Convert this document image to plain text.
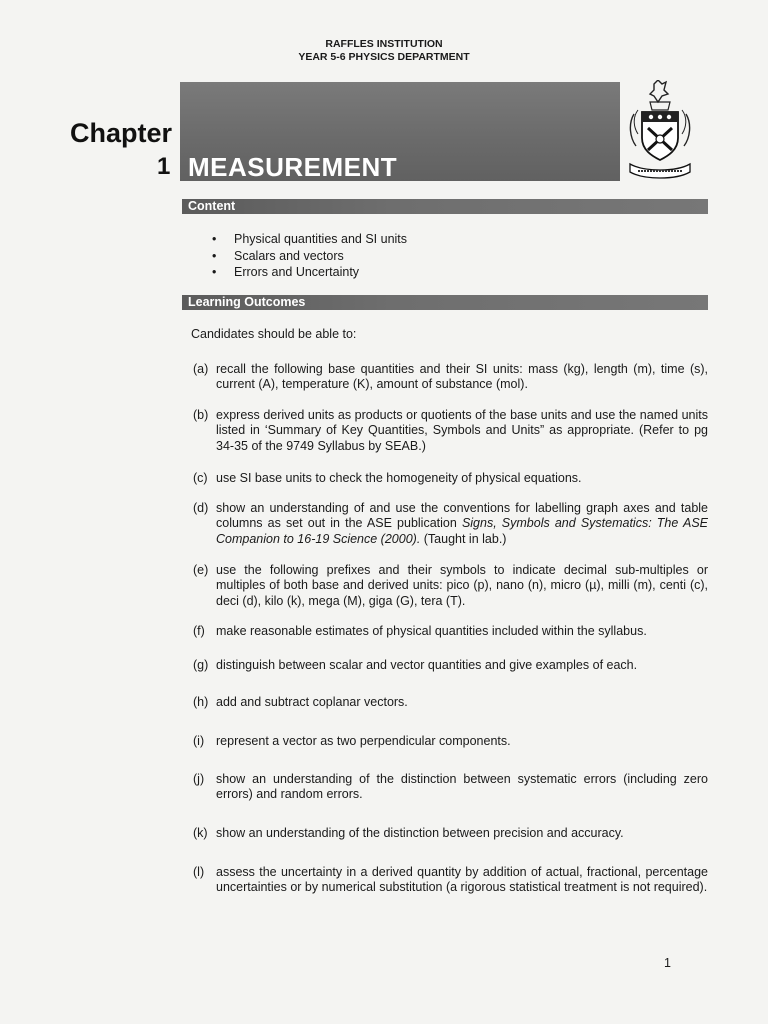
RAFFLES INSTITUTION
YEAR 5-6 PHYSICS DEPARTMENT
Chapter
1 MEASUREMENT
Content
• Physical quantities and SI units
• Scalars and vectors
• Errors and Uncertainty
Learning Outcomes
Candidates should be able to:
(a) recall the following base quantities and their SI units: mass (kg), length (m), time (s), current (A), temperature (K), amount of substance (mol).
(b) express derived units as products or quotients of the base units and use the named units listed in ‘Summary of Key Quantities, Symbols and Units” as appropriate. (Refer to pg 34-35 of the 9749 Syllabus by SEAB.)
(c) use SI base units to check the homogeneity of physical equations.
(d) show an understanding of and use the conventions for labelling graph axes and table columns as set out in the ASE publication Signs, Symbols and Systematics: The ASE Companion to 16-19 Science (2000). (Taught in lab.)
(e) use the following prefixes and their symbols to indicate decimal sub-multiples or multiples of both base and derived units: pico (p), nano (n), micro (µ), milli (m), centi (c), deci (d), kilo (k), mega (M), giga (G), tera (T).
(f) make reasonable estimates of physical quantities included within the syllabus.
(g) distinguish between scalar and vector quantities and give examples of each.
(h) add and subtract coplanar vectors.
(i) represent a vector as two perpendicular components.
(j) show an understanding of the distinction between systematic errors (including zero errors) and random errors.
(k) show an understanding of the distinction between precision and accuracy.
(l) assess the uncertainty in a derived quantity by addition of actual, fractional, percentage uncertainties or by numerical substitution (a rigorous statistical treatment is not required).
1
